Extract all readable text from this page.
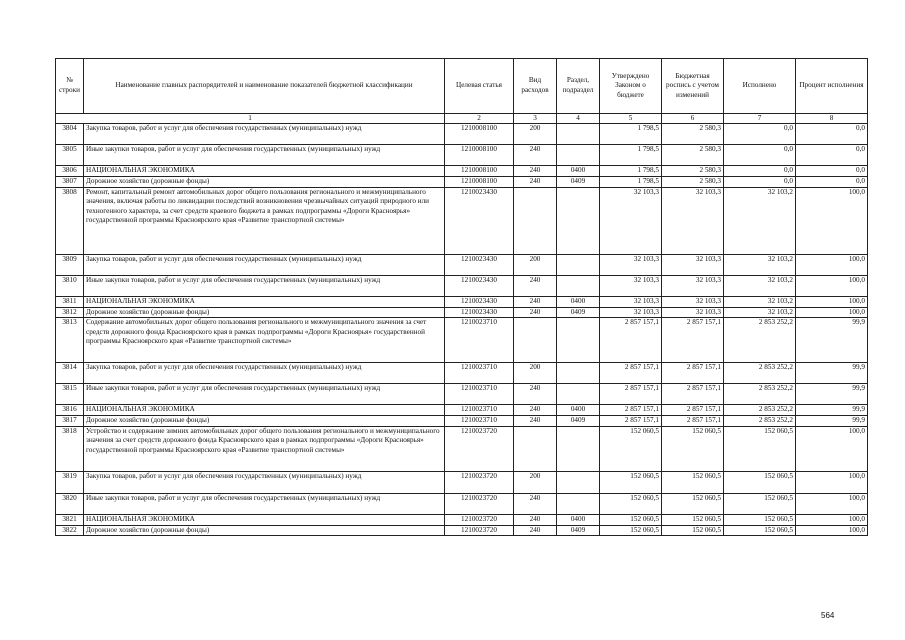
№ строки	Наименование главных распорядителей и наименование показателей бюджетной классификации	Целевая статья	Вид расходов	Раздел, подраздел	Утверждено Законом о бюджете	Бюджетная роспись с учетом изменений	Исполнено	Процент исполнения
1		2	3	4	5	6	7	8
3804	Закупка товаров, работ и услуг для обеспечения государственных (муниципальных) нужд	1210008100	200		1 798,5	2 580,3	0,0	0,0
3805	Иные закупки товаров, работ и услуг для обеспечения государственных (муниципальных) нужд	1210008100	240		1 798,5	2 580,3	0,0	0,0
3806	НАЦИОНАЛЬНАЯ ЭКОНОМИКА	1210008100	240	0400	1 798,5	2 580,3	0,0	0,0
3807	Дорожное хозяйство (дорожные фонды)	1210008100	240	0409	1 798,5	2 580,3	0,0	0,0
3808	Ремонт, капитальный ремонт автомобильных дорог общего пользования регионального и межмуниципального значения, включая работы по ликвидации последствий возникновения чрезвычайных ситуаций природного или техногенного характера, за счет средств краевого бюджета в рамках подпрограммы «Дороги Красноярья» государственной программы Красноярского края «Развитие транспортной системы»	1210023430			32 103,3	32 103,3	32 103,2	100,0
3809	Закупка товаров, работ и услуг для обеспечения государственных (муниципальных) нужд	1210023430	200		32 103,3	32 103,3	32 103,2	100,0
3810	Иные закупки товаров, работ и услуг для обеспечения государственных (муниципальных) нужд	1210023430	240		32 103,3	32 103,3	32 103,2	100,0
3811	НАЦИОНАЛЬНАЯ ЭКОНОМИКА	1210023430	240	0400	32 103,3	32 103,3	32 103,2	100,0
3812	Дорожное хозяйство (дорожные фонды)	1210023430	240	0409	32 103,3	32 103,3	32 103,2	100,0
3813	Содержание автомобильных дорог общего пользования регионального и межмуниципального значения за счет средств дорожного фонда Красноярского края в рамках подпрограммы «Дороги Красноярья» государственной программы Красноярского края «Развитие транспортной системы»	1210023710			2 857 157,1	2 857 157,1	2 853 252,2	99,9
3814	Закупка товаров, работ и услуг для обеспечения государственных (муниципальных) нужд	1210023710	200		2 857 157,1	2 857 157,1	2 853 252,2	99,9
3815	Иные закупки товаров, работ и услуг для обеспечения государственных (муниципальных) нужд	1210023710	240		2 857 157,1	2 857 157,1	2 853 252,2	99,9
3816	НАЦИОНАЛЬНАЯ ЭКОНОМИКА	1210023710	240	0400	2 857 157,1	2 857 157,1	2 853 252,2	99,9
3817	Дорожное хозяйство (дорожные фонды)	1210023710	240	0409	2 857 157,1	2 857 157,1	2 853 252,2	99,9
3818	Устройство и содержание зимних автомобильных дорог общего пользования регионального и межмуниципального значения за счет средств дорожного фонда Красноярского края в рамках подпрограммы «Дороги Красноярья» государственной программы Красноярского края «Развитие транспортной системы»	1210023720			152 060,5	152 060,5	152 060,5	100,0
3819	Закупка товаров, работ и услуг для обеспечения государственных (муниципальных) нужд	1210023720	200		152 060,5	152 060,5	152 060,5	100,0
3820	Иные закупки товаров, работ и услуг для обеспечения государственных (муниципальных) нужд	1210023720	240		152 060,5	152 060,5	152 060,5	100,0
3821	НАЦИОНАЛЬНАЯ ЭКОНОМИКА	1210023720	240	0400	152 060,5	152 060,5	152 060,5	100,0
3822	Дорожное хозяйство (дорожные фонды)	1210023720	240	0409	152 060,5	152 060,5	152 060,5	100,0
564
